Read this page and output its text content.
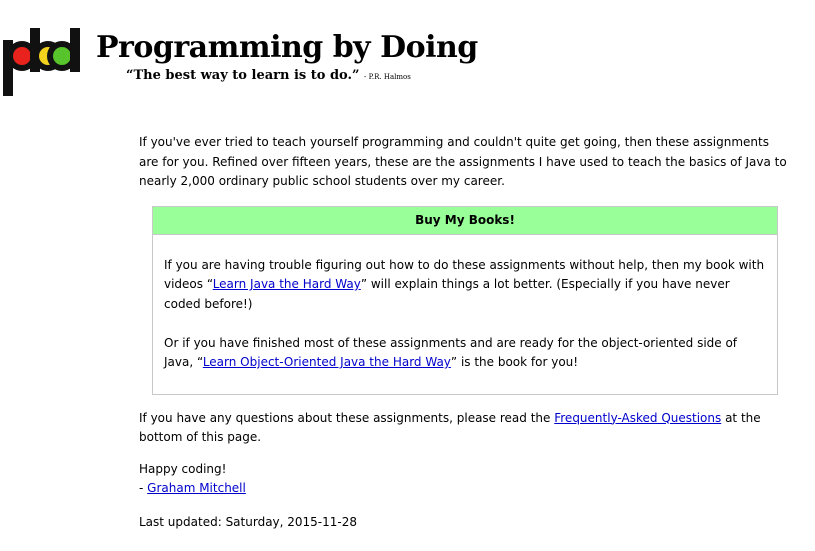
Programming by Doing
“The best way to learn is to do.” - P.R. Halmos

If you've ever tried to teach yourself programming and couldn't quite get going, then these assignments are for you. Refined over fifteen years, these are the assignments I have used to teach the basics of Java to nearly 2,000 ordinary public school students over my career.

Buy My Books!

If you are having trouble figuring out how to do these assignments without help, then my book with videos “Learn Java the Hard Way” will explain things a lot better. (Especially if you have never coded before!)

Or if you have finished most of these assignments and are ready for the object-oriented side of Java, “Learn Object-Oriented Java the Hard Way” is the book for you!

If you have any questions about these assignments, please read the Frequently-Asked Questions at the bottom of this page.

Happy coding!
- Graham Mitchell

Last updated: Saturday, 2015-11-28
